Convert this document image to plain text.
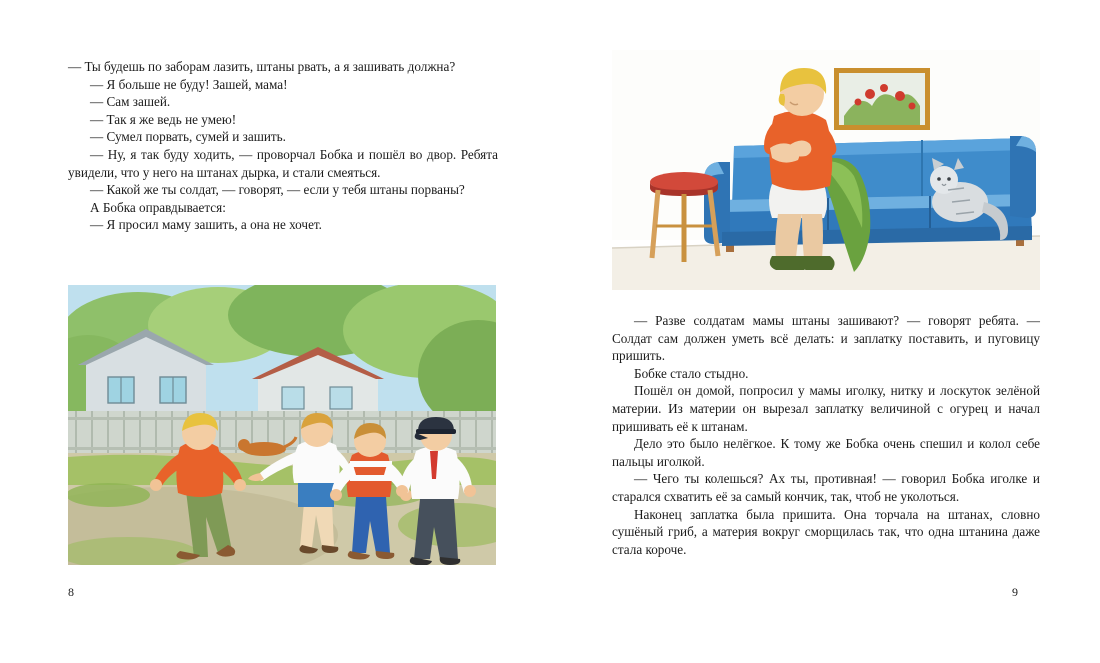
— Ты будешь по заборам лазить, штаны рвать, а я зашивать должна?

— Я больше не буду! Зашей, мама!

— Сам зашей.

— Так я же ведь не умею!

— Сумел порвать, сумей и зашить.

— Ну, я так буду ходить, — проворчал Бобка и пошёл во двор. Ребята увидели, что у него на штанах дырка, и стали смеяться.

— Какой же ты солдат, — говорят, — если у тебя штаны порваны?

А Бобка оправдывается:

— Я просил маму зашить, а она не хочет.

8

— Разве солдатам мамы штаны зашивают? — говорят ребята. — Солдат сам должен уметь всё делать: и заплатку поставить, и пуговицу пришить.

Бобке стало стыдно.

Пошёл он домой, попросил у мамы иголку, нитку и лоскуток зелёной материи. Из материи он вырезал заплатку величиной с огурец и начал пришивать её к штанам.

Дело это было нелёгкое. К тому же Бобка очень спешил и колол себе пальцы иголкой.

— Чего ты колешься? Ах ты, противная! — говорил Бобка иголке и старался схватить её за самый кончик, так, чтоб не уколоться.

Наконец заплатка была пришита. Она торчала на штанах, словно сушёный гриб, а материя вокруг сморщилась так, что одна штанина даже стала короче.

9
